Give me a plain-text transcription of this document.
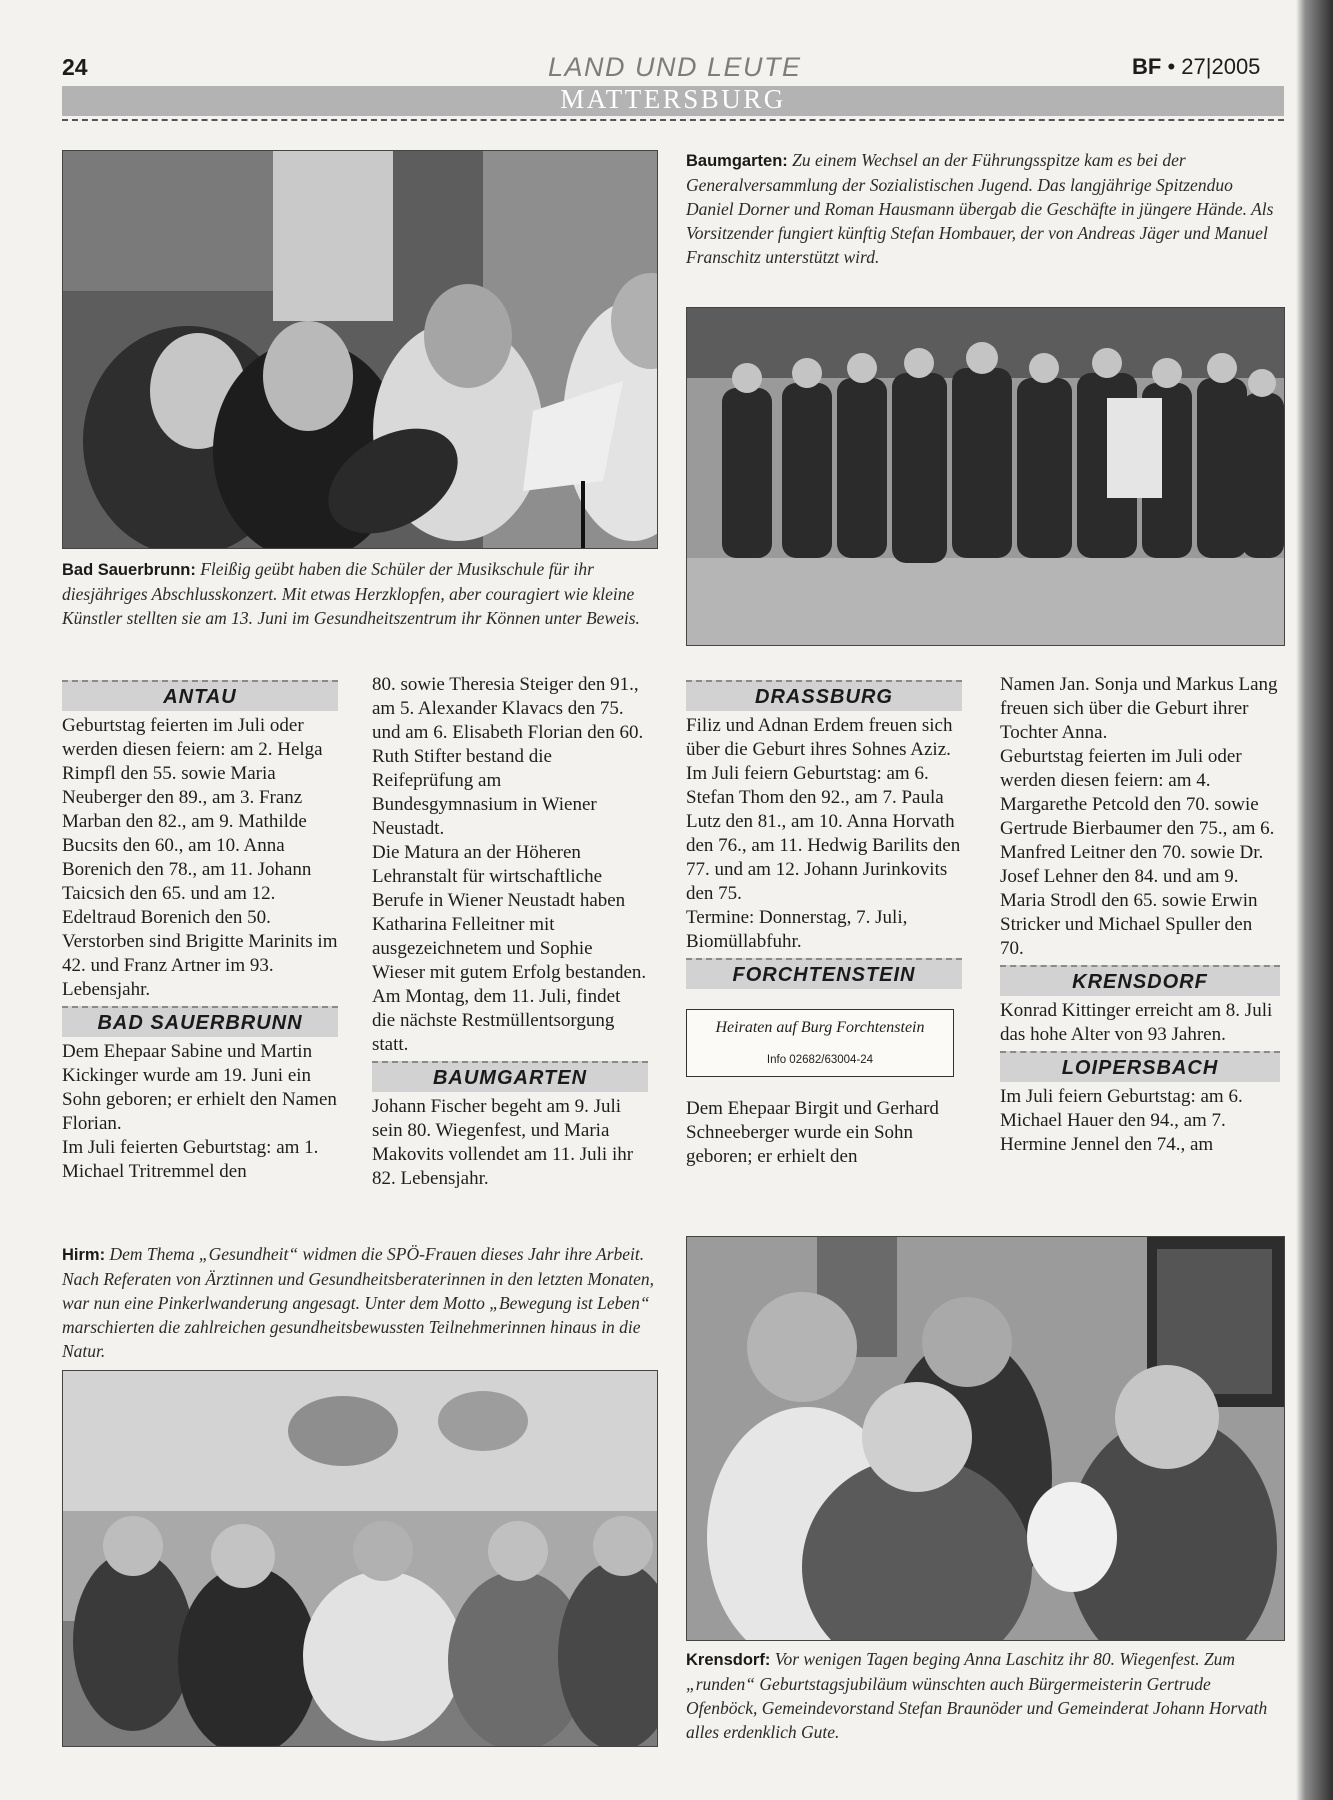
24	LAND UND LEUTE	BF • 27|2005
MATTERSBURG
Baumgarten: Zu einem Wechsel an der Führungsspitze kam es bei der Generalversammlung der Sozialistischen Jugend. Das langjährige Spitzenduo Daniel Dorner und Roman Hausmann übergab die Geschäfte in jüngere Hände. Als Vorsitzender fungiert künftig Stefan Hombauer, der von Andreas Jäger und Manuel Franschitz unterstützt wird.
Bad Sauerbrunn: Fleißig geübt haben die Schüler der Musikschule für ihr diesjähriges Abschlusskonzert. Mit etwas Herzklopfen, aber couragiert wie kleine Künstler stellten sie am 13. Juni im Gesundheitszentrum ihr Können unter Beweis.
ANTAU

Geburtstag feierten im Juli oder werden diesen feiern: am 2. Helga Rimpfl den 55. sowie Maria Neuberger den 89., am 3. Franz Marban den 82., am 9. Mathilde Bucsits den 60., am 10. Anna Borenich den 78., am 11. Johann Taicsich den 65. und am 12. Edeltraud Borenich den 50.

Verstorben sind Brigitte Marinits im 42. und Franz Artner im 93. Lebensjahr.

BAD SAUERBRUNN

Dem Ehepaar Sabine und Martin Kickinger wurde am 19. Juni ein Sohn geboren; er erhielt den Namen Florian.

Im Juli feierten Geburtstag: am 1. Michael Tritremmel den

80. sowie Theresia Steiger den 91., am 5. Alexander Klavacs den 75. und am 6. Elisabeth Florian den 60.

Ruth Stifter bestand die Reifeprüfung am Bundesgymnasium in Wiener Neustadt.

Die Matura an der Höheren Lehranstalt für wirtschaftliche Berufe in Wiener Neustadt haben Katharina Felleitner mit ausgezeichnetem und Sophie Wieser mit gutem Erfolg bestanden.

Am Montag, dem 11. Juli, findet die nächste Restmüllentsorgung statt.

BAUMGARTEN

Johann Fischer begeht am 9. Juli sein 80. Wiegenfest, und Maria Makovits vollendet am 11. Juli ihr 82. Lebensjahr.

DRASSBURG

Filiz und Adnan Erdem freuen sich über die Geburt ihres Sohnes Aziz.

Im Juli feiern Geburtstag: am 6. Stefan Thom den 92., am 7. Paula Lutz den 81., am 10. Anna Horvath den 76., am 11. Hedwig Barilits den 77. und am 12. Johann Jurinkovits den 75.

Termine: Donnerstag, 7. Juli, Biomüllabfuhr.

FORCHTENSTEIN
Heiraten auf Burg Forchtenstein
Info 02682/63004-24

Dem Ehepaar Birgit und Gerhard Schneeberger wurde ein Sohn geboren; er erhielt den

Namen Jan. Sonja und Markus Lang freuen sich über die Geburt ihrer Tochter Anna.

Geburtstag feierten im Juli oder werden diesen feiern: am 4. Margarethe Petcold den 70. sowie Gertrude Bierbaumer den 75., am 6. Manfred Leitner den 70. sowie Dr. Josef Lehner den 84. und am 9. Maria Strodl den 65. sowie Erwin Stricker und Michael Spuller den 70.

KRENSDORF

Konrad Kittinger erreicht am 8. Juli das hohe Alter von 93 Jahren.

LOIPERSBACH

Im Juli feiern Geburtstag: am 6. Michael Hauer den 94., am 7. Hermine Jennel den 74., am

Hirm: Dem Thema „Gesundheit“ widmen die SPÖ-Frauen dieses Jahr ihre Arbeit. Nach Referaten von Ärztinnen und Gesundheitsberaterinnen in den letzten Monaten, war nun eine Pinkerlwanderung angesagt. Unter dem Motto „Bewegung ist Leben“ marschierten die zahlreichen gesundheitsbewussten Teilnehmerinnen hinaus in die Natur.
Krensdorf: Vor wenigen Tagen beging Anna Laschitz ihr 80. Wiegenfest. Zum „runden“ Geburtstagsjubiläum wünschten auch Bürgermeisterin Gertrude Ofenböck, Gemeindevorstand Stefan Braunöder und Gemeinderat Johann Horvath alles erdenklich Gute.
